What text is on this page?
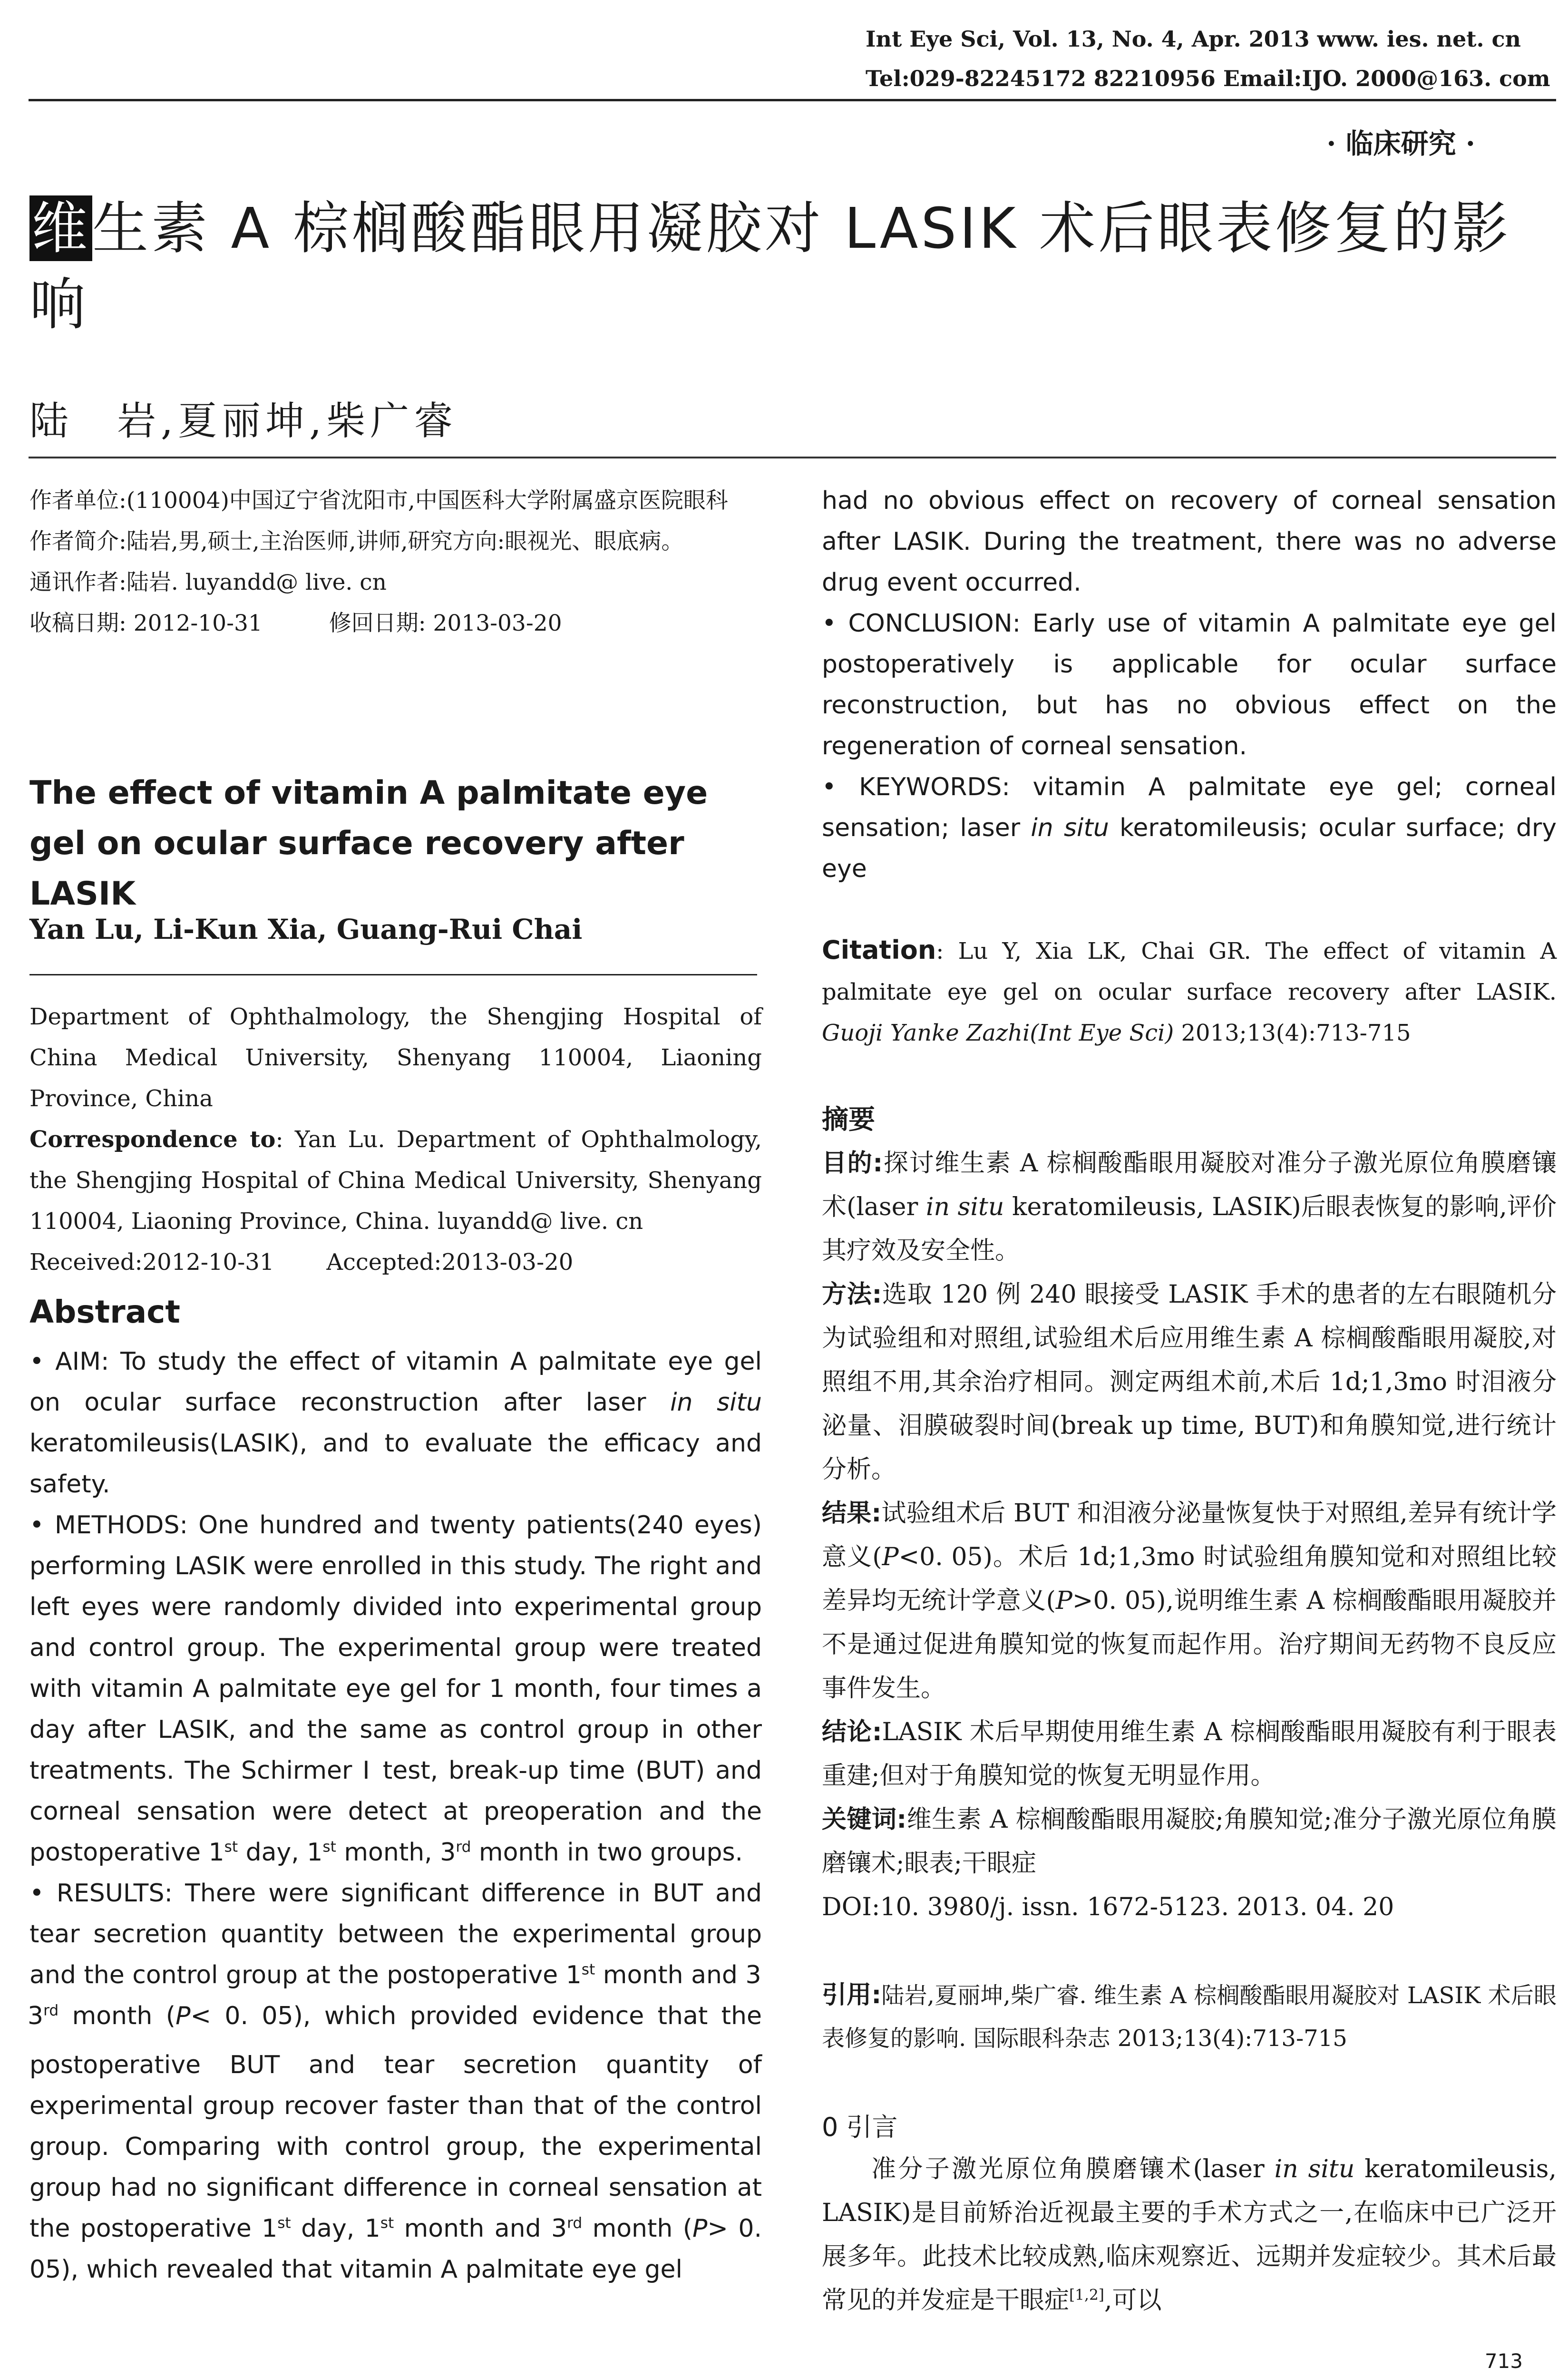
Int Eye Sci, Vol. 13, No. 4, Apr. 2013 www. ies. net. cn
Tel:029-82245172 82210956 Email:IJO. 2000@163. com
· 临床研究 ·
维生素 A 棕榈酸酯眼用凝胶对 LASIK 术后眼表修复的影响
陆　岩,夏丽坤,柴广睿

作者单位:(110004)中国辽宁省沈阳市,中国医科大学附属盛京医院眼科

作者简介:陆岩,男,硕士,主治医师,讲师,研究方向:眼视光、眼底病。

通讯作者:陆岩. luyandd@ live. cn

收稿日期: 2012-10-31	修回日期: 2013-03-20

The effect of vitamin A palmitate eye gel on ocular surface recovery after LASIK
Yan Lu, Li-Kun Xia, Guang-Rui Chai

Department of Ophthalmology, the Shengjing Hospital of China Medical University, Shenyang 110004, Liaoning Province, China

Correspondence to: Yan Lu. Department of Ophthalmology, the Shengjing Hospital of China Medical University, Shenyang 110004, Liaoning Province, China. luyandd@ live. cn

Received:2012-10-31 Accepted:2013-03-20

Abstract

• AIM: To study the effect of vitamin A palmitate eye gel on ocular surface reconstruction after laser in situ keratomileusis(LASIK), and to evaluate the efficacy and safety.

• METHODS: One hundred and twenty patients(240 eyes) performing LASIK were enrolled in this study. The right and left eyes were randomly divided into experimental group and control group. The experimental group were treated with vitamin A palmitate eye gel for 1 month, four times a day after LASIK, and the same as control group in other treatments. The Schirmer Ⅰ test, break-up time (BUT) and corneal sensation were detect at preoperation and the postoperative 1st day, 1st month, 3rd month in two groups.

• RESULTS: There were significant difference in BUT and tear secretion quantity between the experimental group and the control group at the postoperative 1st month and 3
3rd month (P< 0. 05), which provided evidence that the postoperative BUT and tear secretion quantity of experimental group recover faster than that of the control group. Comparing with control group, the experimental group had no significant difference in corneal sensation at the postoperative 1st day, 1st month and 3rd month (P> 0. 05), which revealed that vitamin A palmitate eye gel

had no obvious effect on recovery of corneal sensation after LASIK. During the treatment, there was no adverse drug event occurred.

• CONCLUSION: Early use of vitamin A palmitate eye gel postoperatively is applicable for ocular surface reconstruction, but has no obvious effect on the regeneration of corneal sensation.

• KEYWORDS: vitamin A palmitate eye gel; corneal sensation; laser in situ keratomileusis; ocular surface; dry eye

Citation: Lu Y, Xia LK, Chai GR. The effect of vitamin A palmitate eye gel on ocular surface recovery after LASIK. Guoji Yanke Zazhi(Int Eye Sci) 2013;13(4):713-715

摘要

目的:探讨维生素 A 棕榈酸酯眼用凝胶对准分子激光原位角膜磨镶术(laser in situ keratomileusis, LASIK)后眼表恢复的影响,评价其疗效及安全性。

方法:选取 120 例 240 眼接受 LASIK 手术的患者的左右眼随机分为试验组和对照组,试验组术后应用维生素 A 棕榈酸酯眼用凝胶,对照组不用,其余治疗相同。测定两组术前,术后 1d;1,3mo 时泪液分泌量、泪膜破裂时间(break up time, BUT)和角膜知觉,进行统计分析。

结果:试验组术后 BUT 和泪液分泌量恢复快于对照组,差异有统计学意义(P<0. 05)。术后 1d;1,3mo 时试验组角膜知觉和对照组比较差异均无统计学意义(P>0. 05),说明维生素 A 棕榈酸酯眼用凝胶并不是通过促进角膜知觉的恢复而起作用。治疗期间无药物不良反应事件发生。

结论:LASIK 术后早期使用维生素 A 棕榈酸酯眼用凝胶有利于眼表重建;但对于角膜知觉的恢复无明显作用。

关键词:维生素 A 棕榈酸酯眼用凝胶;角膜知觉;准分子激光原位角膜磨镶术;眼表;干眼症

DOI:10. 3980/j. issn. 1672-5123. 2013. 04. 20

引用:陆岩,夏丽坤,柴广睿. 维生素 A 棕榈酸酯眼用凝胶对 LASIK 术后眼表修复的影响. 国际眼科杂志 2013;13(4):713-715

0 引言

准分子激光原位角膜磨镶术(laser in situ keratomileusis, LASIK)是目前矫治近视最主要的手术方式之一,在临床中已广泛开展多年。此技术比较成熟,临床观察近、远期并发症较少。其术后最常见的并发症是干眼症[1,2],可以

713
